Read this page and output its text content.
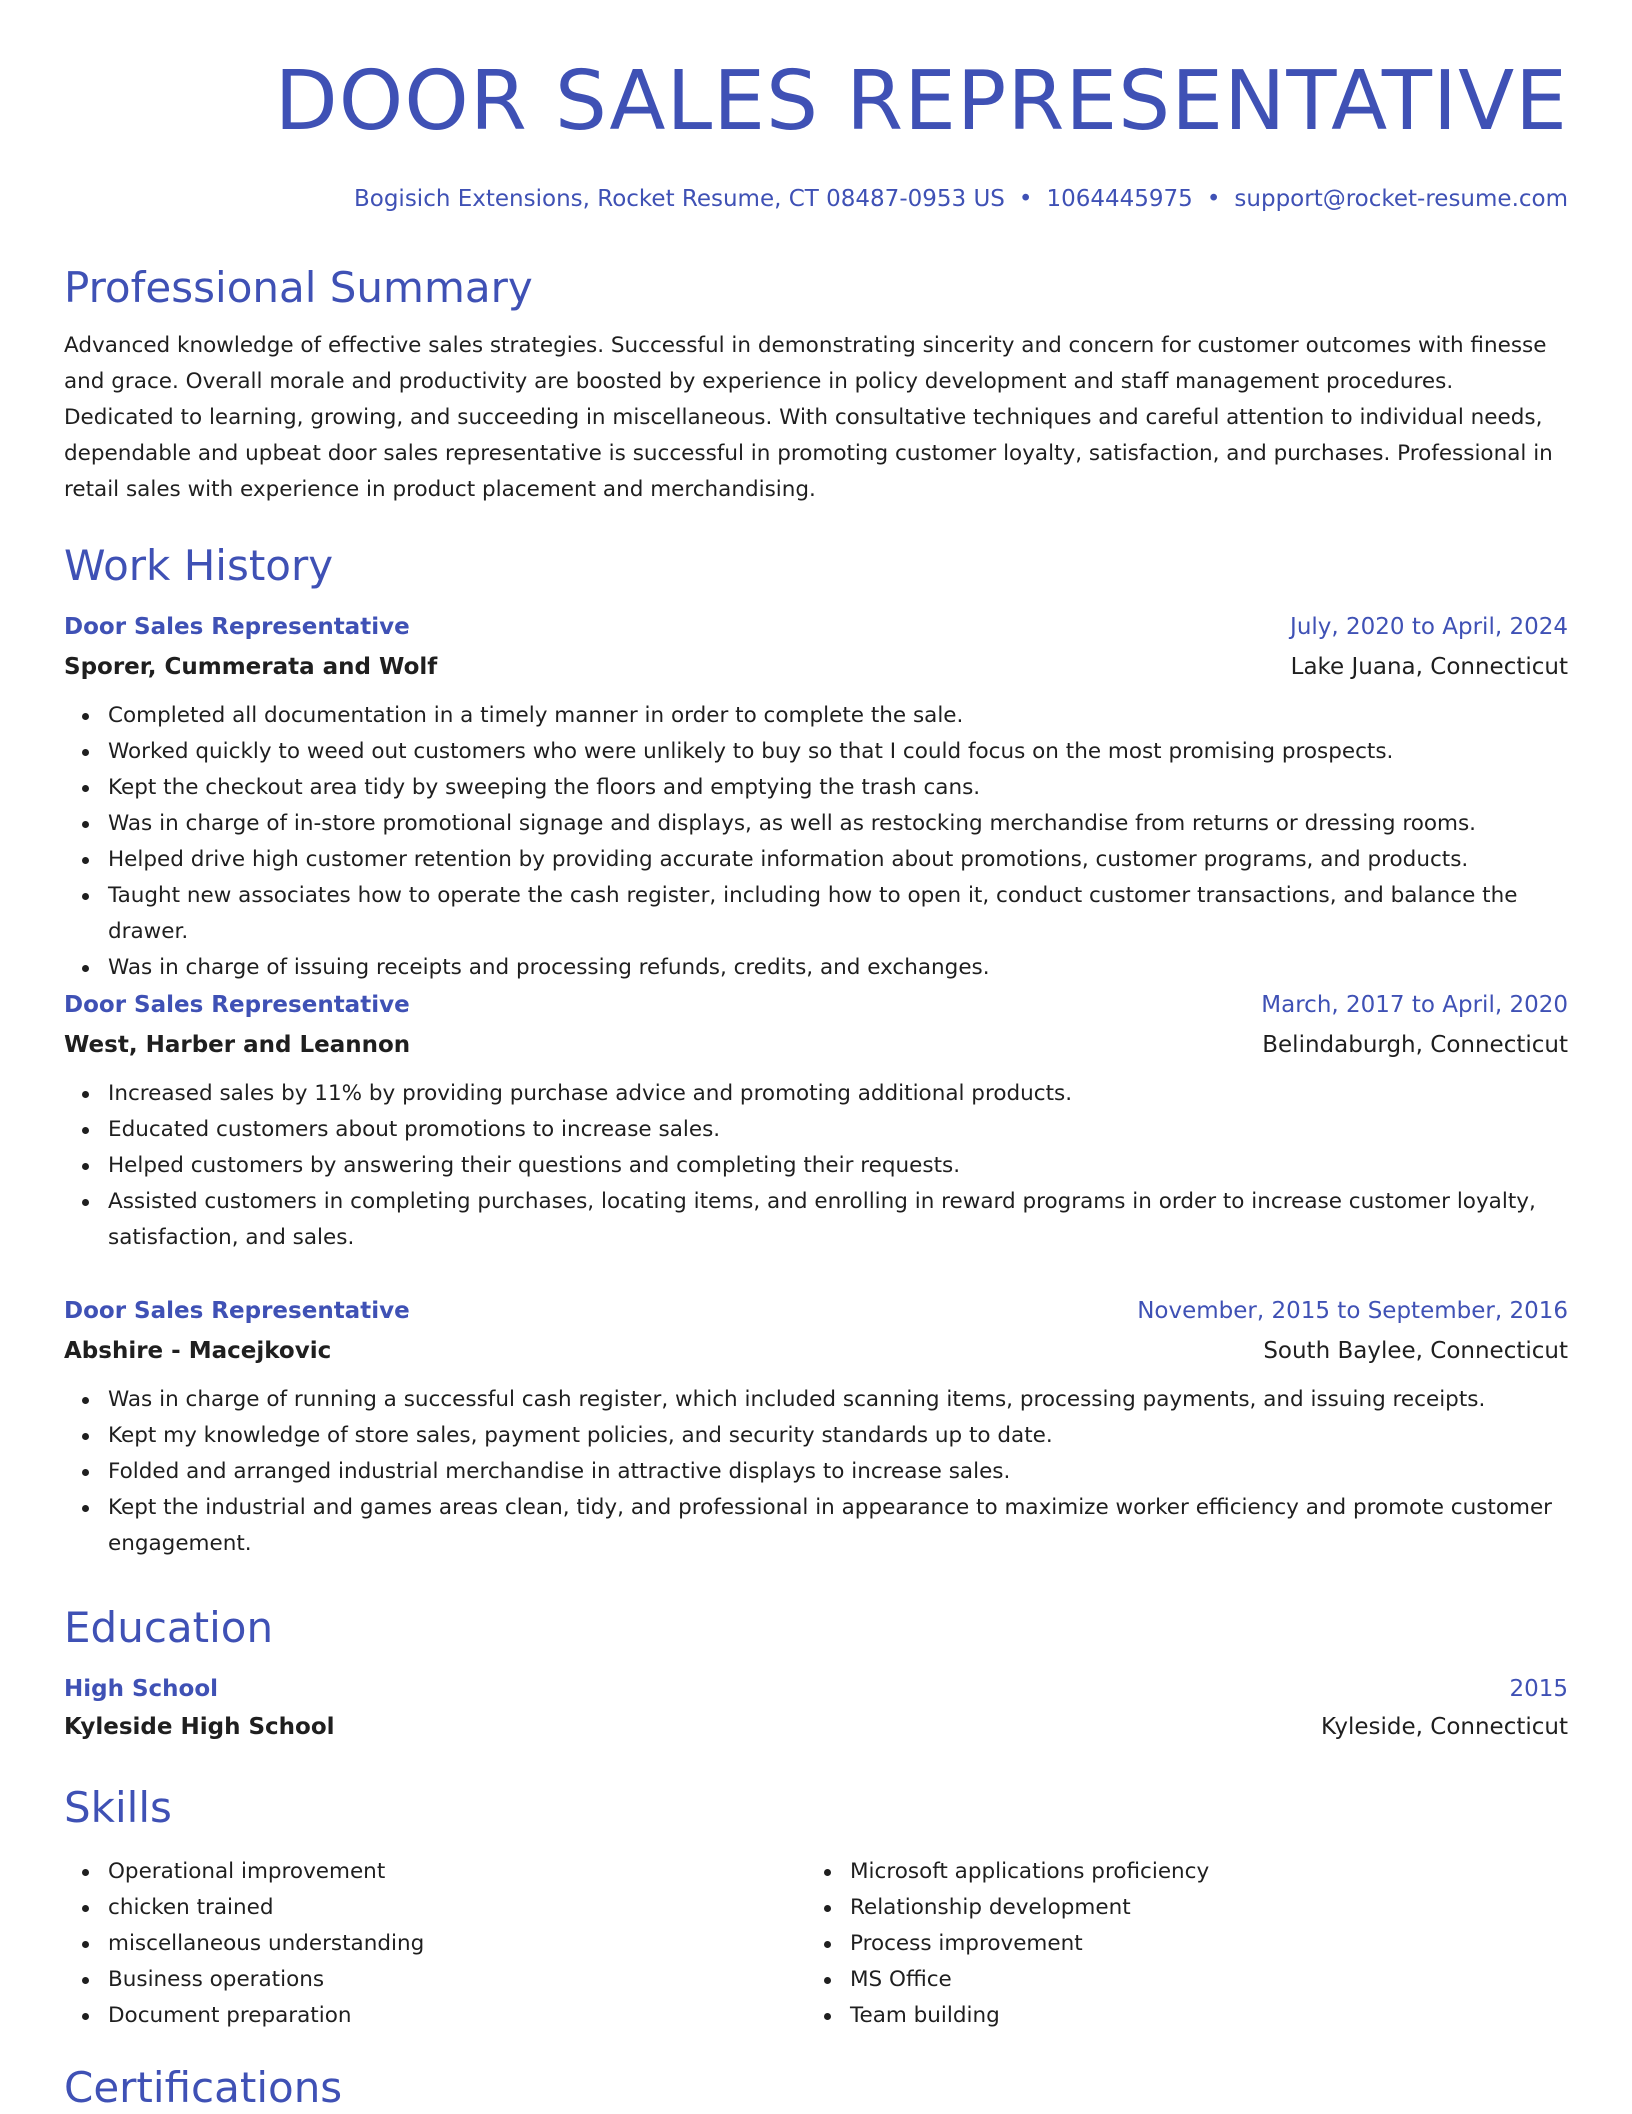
DOOR SALES REPRESENTATIVE
Bogisich Extensions, Rocket Resume, CT 08487-0953 US • 1064445975 • support@rocket-resume.com
Professional Summary

Advanced knowledge of effective sales strategies. Successful in demonstrating sincerity and concern for customer outcomes with finesse and grace. Overall morale and productivity are boosted by experience in policy development and staff management procedures. Dedicated to learning, growing, and succeeding in miscellaneous. With consultative techniques and careful attention to individual needs, dependable and upbeat door sales representative is successful in promoting customer loyalty, satisfaction, and purchases. Professional in retail sales with experience in product placement and merchandising.

Work History
Door Sales Representative	July, 2020 to April, 2024
Sporer, Cummerata and Wolf	Lake Juana, Connecticut
Completed all documentation in a timely manner in order to complete the sale.
Worked quickly to weed out customers who were unlikely to buy so that I could focus on the most promising prospects.
Kept the checkout area tidy by sweeping the floors and emptying the trash cans.
Was in charge of in-store promotional signage and displays, as well as restocking merchandise from returns or dressing rooms.
Helped drive high customer retention by providing accurate information about promotions, customer programs, and products.
Taught new associates how to operate the cash register, including how to open it, conduct customer transactions, and balance the drawer.
Was in charge of issuing receipts and processing refunds, credits, and exchanges.
Door Sales Representative	March, 2017 to April, 2020
West, Harber and Leannon	Belindaburgh, Connecticut
Increased sales by 11% by providing purchase advice and promoting additional products.
Educated customers about promotions to increase sales.
Helped customers by answering their questions and completing their requests.
Assisted customers in completing purchases, locating items, and enrolling in reward programs in order to increase customer loyalty, satisfaction, and sales.
Door Sales Representative	November, 2015 to September, 2016
Abshire - Macejkovic	South Baylee, Connecticut
Was in charge of running a successful cash register, which included scanning items, processing payments, and issuing receipts.
Kept my knowledge of store sales, payment policies, and security standards up to date.
Folded and arranged industrial merchandise in attractive displays to increase sales.
Kept the industrial and games areas clean, tidy, and professional in appearance to maximize worker efficiency and promote customer engagement.
Education
High School	2015
Kyleside High School	Kyleside, Connecticut
Skills
Operational improvement
chicken trained
miscellaneous understanding
Business operations
Document preparation
Microsoft applications proficiency
Relationship development
Process improvement
MS Office
Team building
Certifications
